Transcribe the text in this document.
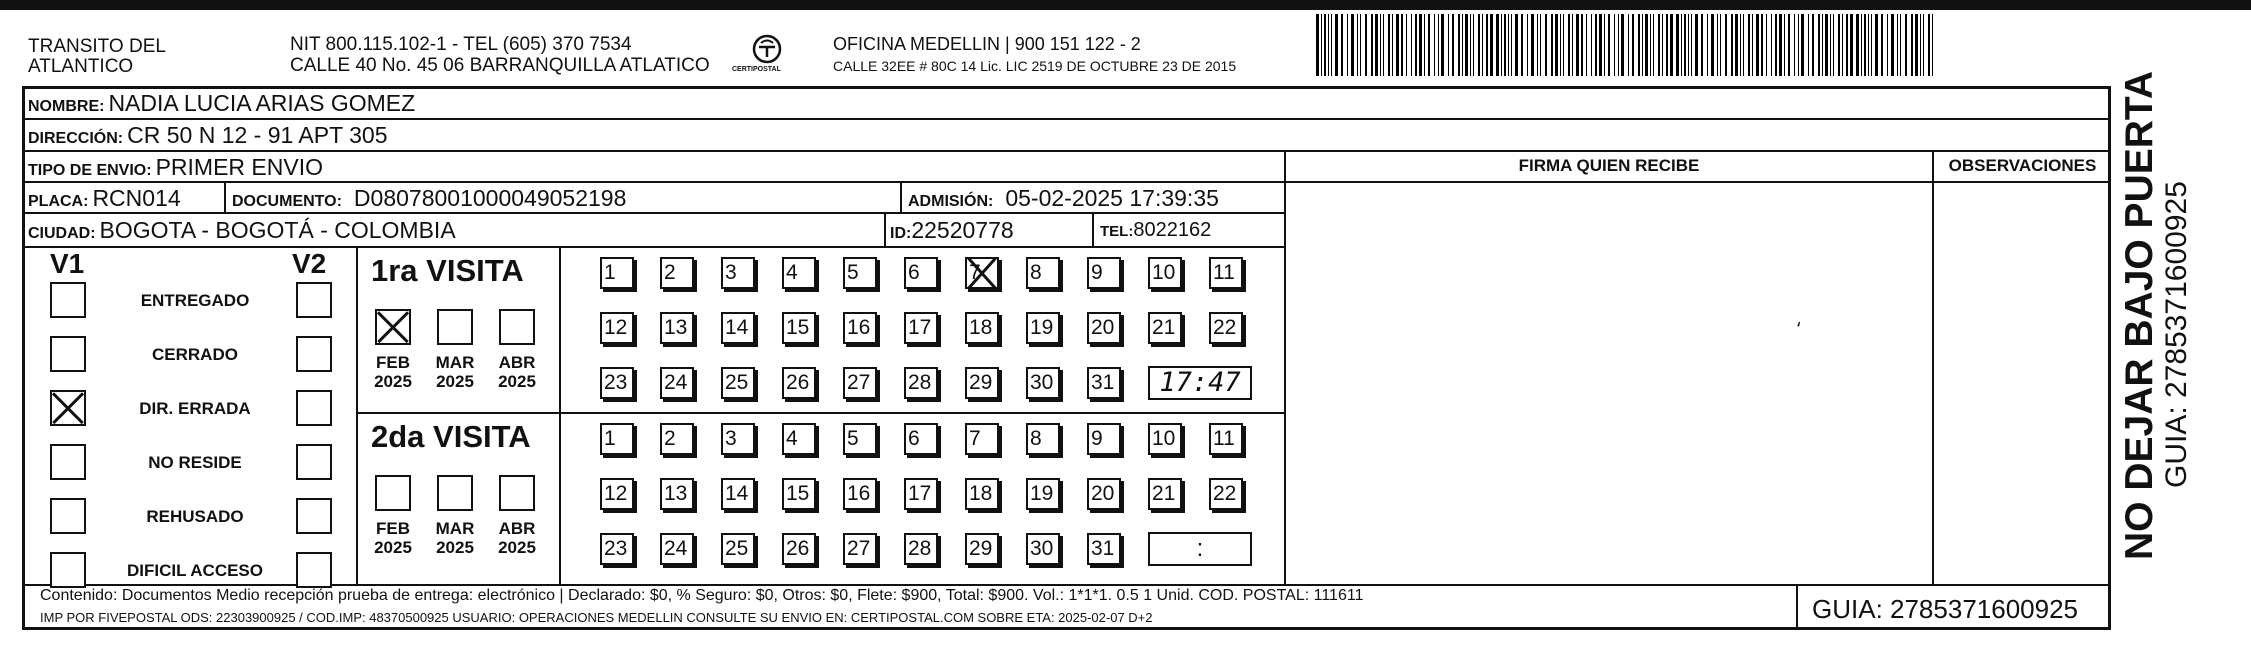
TRANSITO DEL
ATLANTICO
NIT 800.115.102-1 - TEL (605) 370 7534
CALLE 40 No. 45 06 BARRANQUILLA ATLATICO	CERTIPOSTAL
OFICINA MEDELLIN | 900 151 122 - 2
CALLE 32EE # 80C 14 Lic. LIC 2519 DE OCTUBRE 23 DE 2015
NO DEJAR BAJO PUERTA GUIA: 2785371600925
NOMBRE: NADIA LUCIA ARIAS GOMEZ
DIRECCIÓN: CR 50 N 12 - 91 APT 305
TIPO DE ENVIO: PRIMER ENVIO	FIRMA QUIEN RECIBE	OBSERVACIONES
PLACA: RCN014	DOCUMENTO: D08078001000049052198	ADMISIÓN: 05-02-2025 17:39:35
CIUDAD: BOGOTA - BOGOTÁ - COLOMBIA	ID:22520778	TEL:8022162
V1	V2
ENTREGADO
CERRADO
DIR. ERRADA
NO RESIDE
REHUSADO
DIFICIL ACCESO
1ra VISITA
FEB
2025
MAR
2025
ABR
2025
1	2	3	4	5	6	7	8	9	10	11
12	13	14	15	16	17	18	19	20	21	22
23	24	25	26	27	28	29	30	31	17:47
2da VISITA
FEB
2025
MAR
2025
ABR
2025
1	2	3	4	5	6	7	8	9	10	11
12	13	14	15	16	17	18	19	20	21	22
23	24	25	26	27	28	29	30	31	:
⸲
Contenido: Documentos Medio recepción prueba de entrega: electrónico | Declarado: $0, % Seguro: $0, Otros: $0, Flete: $900, Total: $900. Vol.: 1*1*1. 0.5 1 Unid. COD. POSTAL: 111611
IMP POR FIVEPOSTAL ODS: 22303900925 / COD.IMP: 48370500925 USUARIO: OPERACIONES MEDELLIN CONSULTE SU ENVIO EN: CERTIPOSTAL.COM SOBRE ETA: 2025-02-07 D+2	GUIA: 2785371600925
